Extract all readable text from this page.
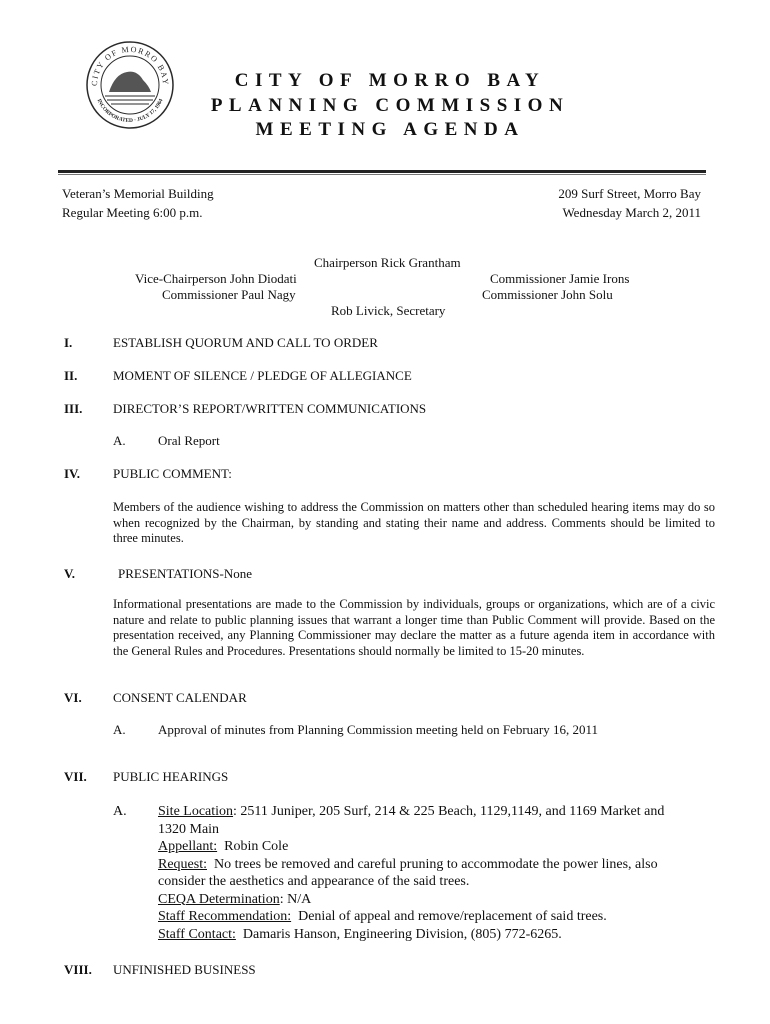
CITY OF MORRO BAY
INCORPORATED · JULY 17, 1964
CITY OF MORRO BAY
PLANNING COMMISSION
MEETING AGENDA
Veteran’s Memorial Building
Regular Meeting 6:00 p.m.
209 Surf Street, Morro Bay
Wednesday March 2, 2011
Chairperson Rick Grantham
Vice-Chairperson John Diodati
Commissioner Paul Nagy
Commissioner Jamie Irons
Commissioner John Solu
Rob Livick, Secretary
I.	ESTABLISH QUORUM AND CALL TO ORDER
II.	MOMENT OF SILENCE / PLEDGE OF ALLEGIANCE
III.	DIRECTOR’S REPORT/WRITTEN COMMUNICATIONS
A. Oral Report
IV.	PUBLIC COMMENT:
Members of the audience wishing to address the Commission on matters other than scheduled hearing items may do so when recognized by the Chairman, by standing and stating their name and address. Comments should be limited to three minutes.
V.	PRESENTATIONS-None
Informational presentations are made to the Commission by individuals, groups or organizations, which are of a civic nature and relate to public planning issues that warrant a longer time than Public Comment will provide. Based on the presentation received, any Planning Commissioner may declare the matter as a future agenda item in accordance with the General Rules and Procedures. Presentations should normally be limited to 15-20 minutes.
VI.	CONSENT CALENDAR
A. Approval of minutes from Planning Commission meeting held on February 16, 2011
VII.	PUBLIC HEARINGS
A. Site Location: 2511 Juniper, 205 Surf, 214 & 225 Beach, 1129,1149, and 1169 Market and
1320 Main
Appellant:  Robin Cole
Request:  No trees be removed and careful pruning to accommodate the power lines, also
consider the aesthetics and appearance of the said trees.
CEQA Determination: N/A
Staff Recommendation:  Denial of appeal and remove/replacement of said trees.
Staff Contact:  Damaris Hanson, Engineering Division, (805) 772-6265.
VIII.	UNFINISHED BUSINESS
